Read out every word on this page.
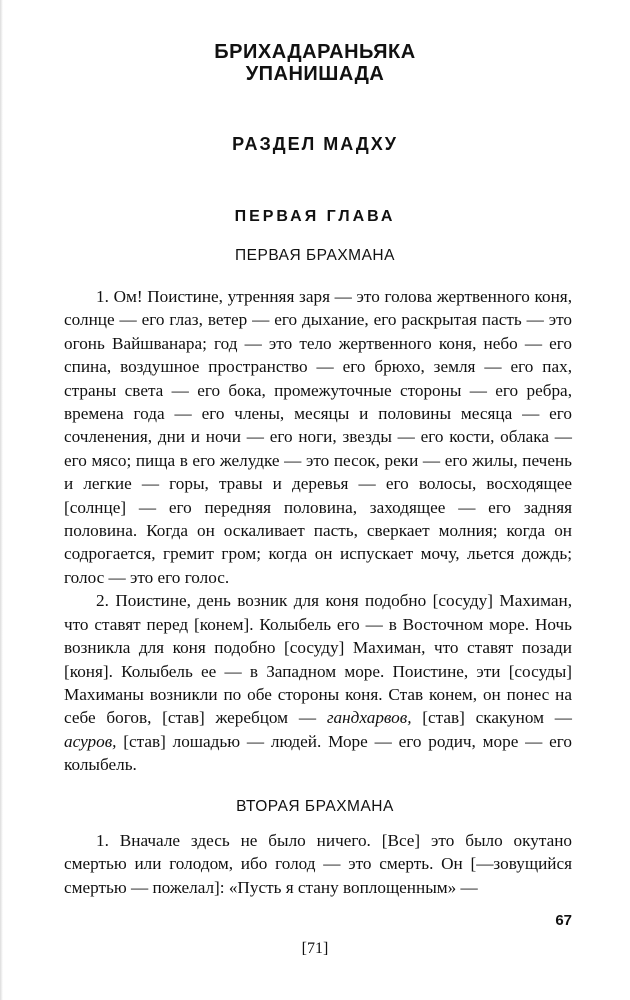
БРИХАДАРАНЬЯКА
УПАНИШАДА
РАЗДЕЛ МАДХУ
ПЕРВАЯ ГЛАВА
ПЕРВАЯ БРАХМАНА

1. Ом! Поистине, утренняя заря — это голова жертвенного коня, солнце — его глаз, ветер — его дыхание, его раскрытая пасть — это огонь Вайшванара; год — это тело жертвенного коня, небо — его спина, воздушное пространство — его брюхо, земля — его пах, страны света — его бока, промежуточные стороны — его ребра, времена года — его члены, месяцы и половины месяца — его сочленения, дни и ночи — его ноги, звезды — его кости, облака — его мясо; пища в его желудке — это песок, реки — его жилы, печень и легкие — горы, травы и деревья — его волосы, восходящее [солнце] — его передняя половина, заходящее — его задняя половина. Когда он оскаливает пасть, сверкает молния; когда он содрогается, гремит гром; когда он испускает мочу, льется дождь; голос — это его голос.

2. Поистине, день возник для коня подобно [сосуду] Махиман, что ставят перед [конем]. Колыбель его — в Восточном море. Ночь возникла для коня подобно [сосуду] Махиман, что ставят позади [коня]. Колыбель ее — в Западном море. Поистине, эти [сосуды] Махиманы возникли по обе стороны коня. Став конем, он понес на себе богов, [став] жеребцом — гандхарвов, [став] скакуном — асуров, [став] лошадью — людей. Море — его родич, море — его колыбель.

ВТОРАЯ БРАХМАНА

1. Вначале здесь не было ничего. [Все] это было окутано смертью или голодом, ибо голод — это смерть. Он [—зовущийся смертью — пожелал]: «Пусть я стану воплощенным» —

67
[71]
